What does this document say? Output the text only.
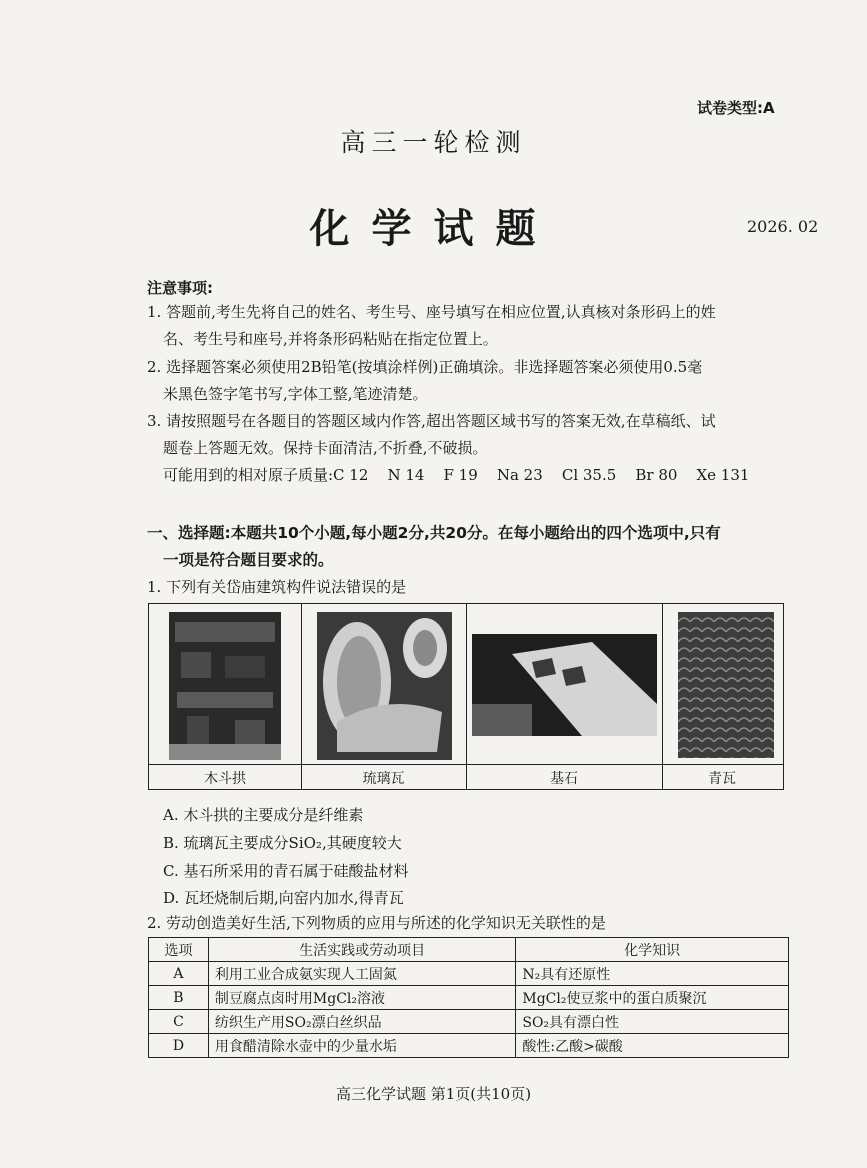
试卷类型:A
高三一轮检测
化学试题	2026. 02
注意事项:
1. 答题前,考生先将自己的姓名、考生号、座号填写在相应位置,认真核对条形码上的姓
名、考生号和座号,并将条形码粘贴在指定位置上。
2. 选择题答案必须使用2B铅笔(按填涂样例)正确填涂。非选择题答案必须使用0.5毫
米黑色签字笔书写,字体工整,笔迹清楚。
3. 请按照题号在各题目的答题区域内作答,超出答题区域书写的答案无效,在草稿纸、试
题卷上答题无效。保持卡面清洁,不折叠,不破损。
可能用到的相对原子质量:C 12    N 14    F 19    Na 23    Cl 35.5    Br 80    Xe 131
一、选择题:本题共10个小题,每小题2分,共20分。在每小题给出的四个选项中,只有
一项是符合题目要求的。
1. 下列有关岱庙建筑构件说法错误的是
木斗拱	琉璃瓦	基石	青瓦
A. 木斗拱的主要成分是纤维素
B. 琉璃瓦主要成分SiO₂,其硬度较大
C. 基石所采用的青石属于硅酸盐材料
D. 瓦坯烧制后期,向窑内加水,得青瓦
2. 劳动创造美好生活,下列物质的应用与所述的化学知识无关联性的是
选项	生活实践或劳动项目	化学知识
A	利用工业合成氨实现人工固氮	N₂具有还原性
B	制豆腐点卤时用MgCl₂溶液	MgCl₂使豆浆中的蛋白质聚沉
C	纺织生产用SO₂漂白丝织品	SO₂具有漂白性
D	用食醋清除水壶中的少量水垢	酸性:乙酸>碳酸
高三化学试题 第1页(共10页)
